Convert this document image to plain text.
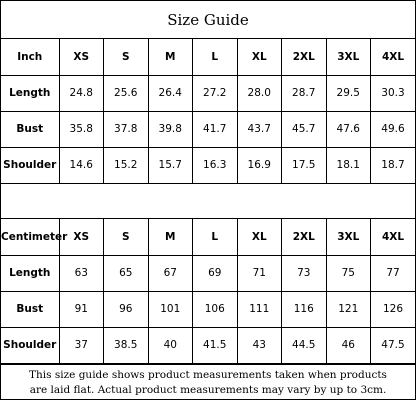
Size Guide
Inch	XS	S	M	L	XL	2XL	3XL	4XL
Length	24.8	25.6	26.4	27.2	28.0	28.7	29.5	30.3
Bust	35.8	37.8	39.8	41.7	43.7	45.7	47.6	49.6
Shoulder	14.6	15.2	15.7	16.3	16.9	17.5	18.1	18.7
Centimeter	XS	S	M	L	XL	2XL	3XL	4XL
Length	63	65	67	69	71	73	75	77
Bust	91	96	101	106	111	116	121	126
Shoulder	37	38.5	40	41.5	43	44.5	46	47.5
This size guide shows product measurements taken when products
are laid flat. Actual product measurements may vary by up to 3cm.
